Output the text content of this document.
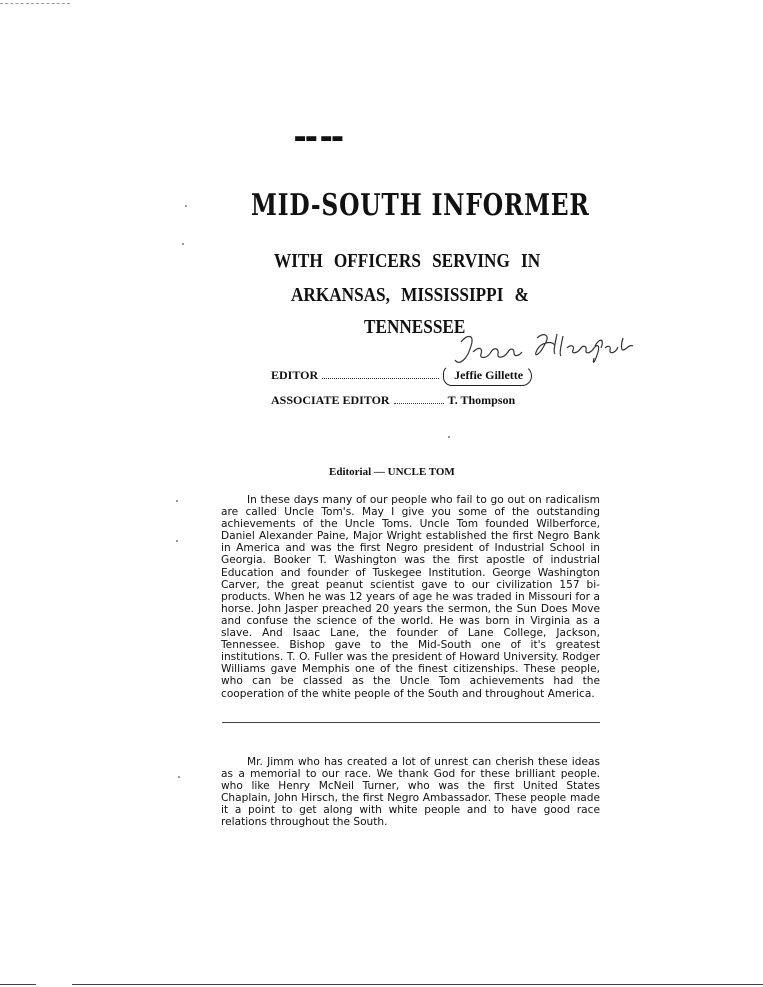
▬▬ ▬▬
MID-SOUTH INFORMER
WITH OFFICERS SERVING IN
ARKANSAS, MISSISSIPPI &
TENNESSEE
EDITOR	Jeffie Gillette
ASSOCIATE EDITOR	T. Thompson
Editorial — UNCLE TOM

In these days many of our people who fail to go out on radicalism are called Uncle Tom's. May I give you some of the outstanding achievements of the Uncle Toms. Uncle Tom founded Wilberforce, Daniel Alexander Paine, Major Wright established the first Negro Bank in America and was the first Negro president of Industrial School in Georgia. Booker T. Washington was the first apostle of industrial Education and founder of Tuskegee Institution. George Washington Carver, the great peanut scientist gave to our civilization 157 bi-products. When he was 12 years of age he was traded in Missouri for a horse. John Jasper preached 20 years the sermon, the Sun Does Move and confuse the science of the world. He was born in Virginia as a slave. And Isaac Lane, the founder of Lane College, Jackson, Tennessee. Bishop gave to the Mid-South one of it's greatest institutions. T. O. Fuller was the president of Howard University. Rodger Williams gave Memphis one of the finest citizenships. These people, who can be classed as the Uncle Tom achievements had the cooperation of the white people of the South and throughout America.

Mr. Jimm who has created a lot of unrest can cherish these ideas as a memorial to our race. We thank God for these brilliant people. who like Henry McNeil Turner, who was the first United States Chaplain, John Hirsch, the first Negro Ambassador. These people made it a point to get along with white people and to have good race relations throughout the South.
